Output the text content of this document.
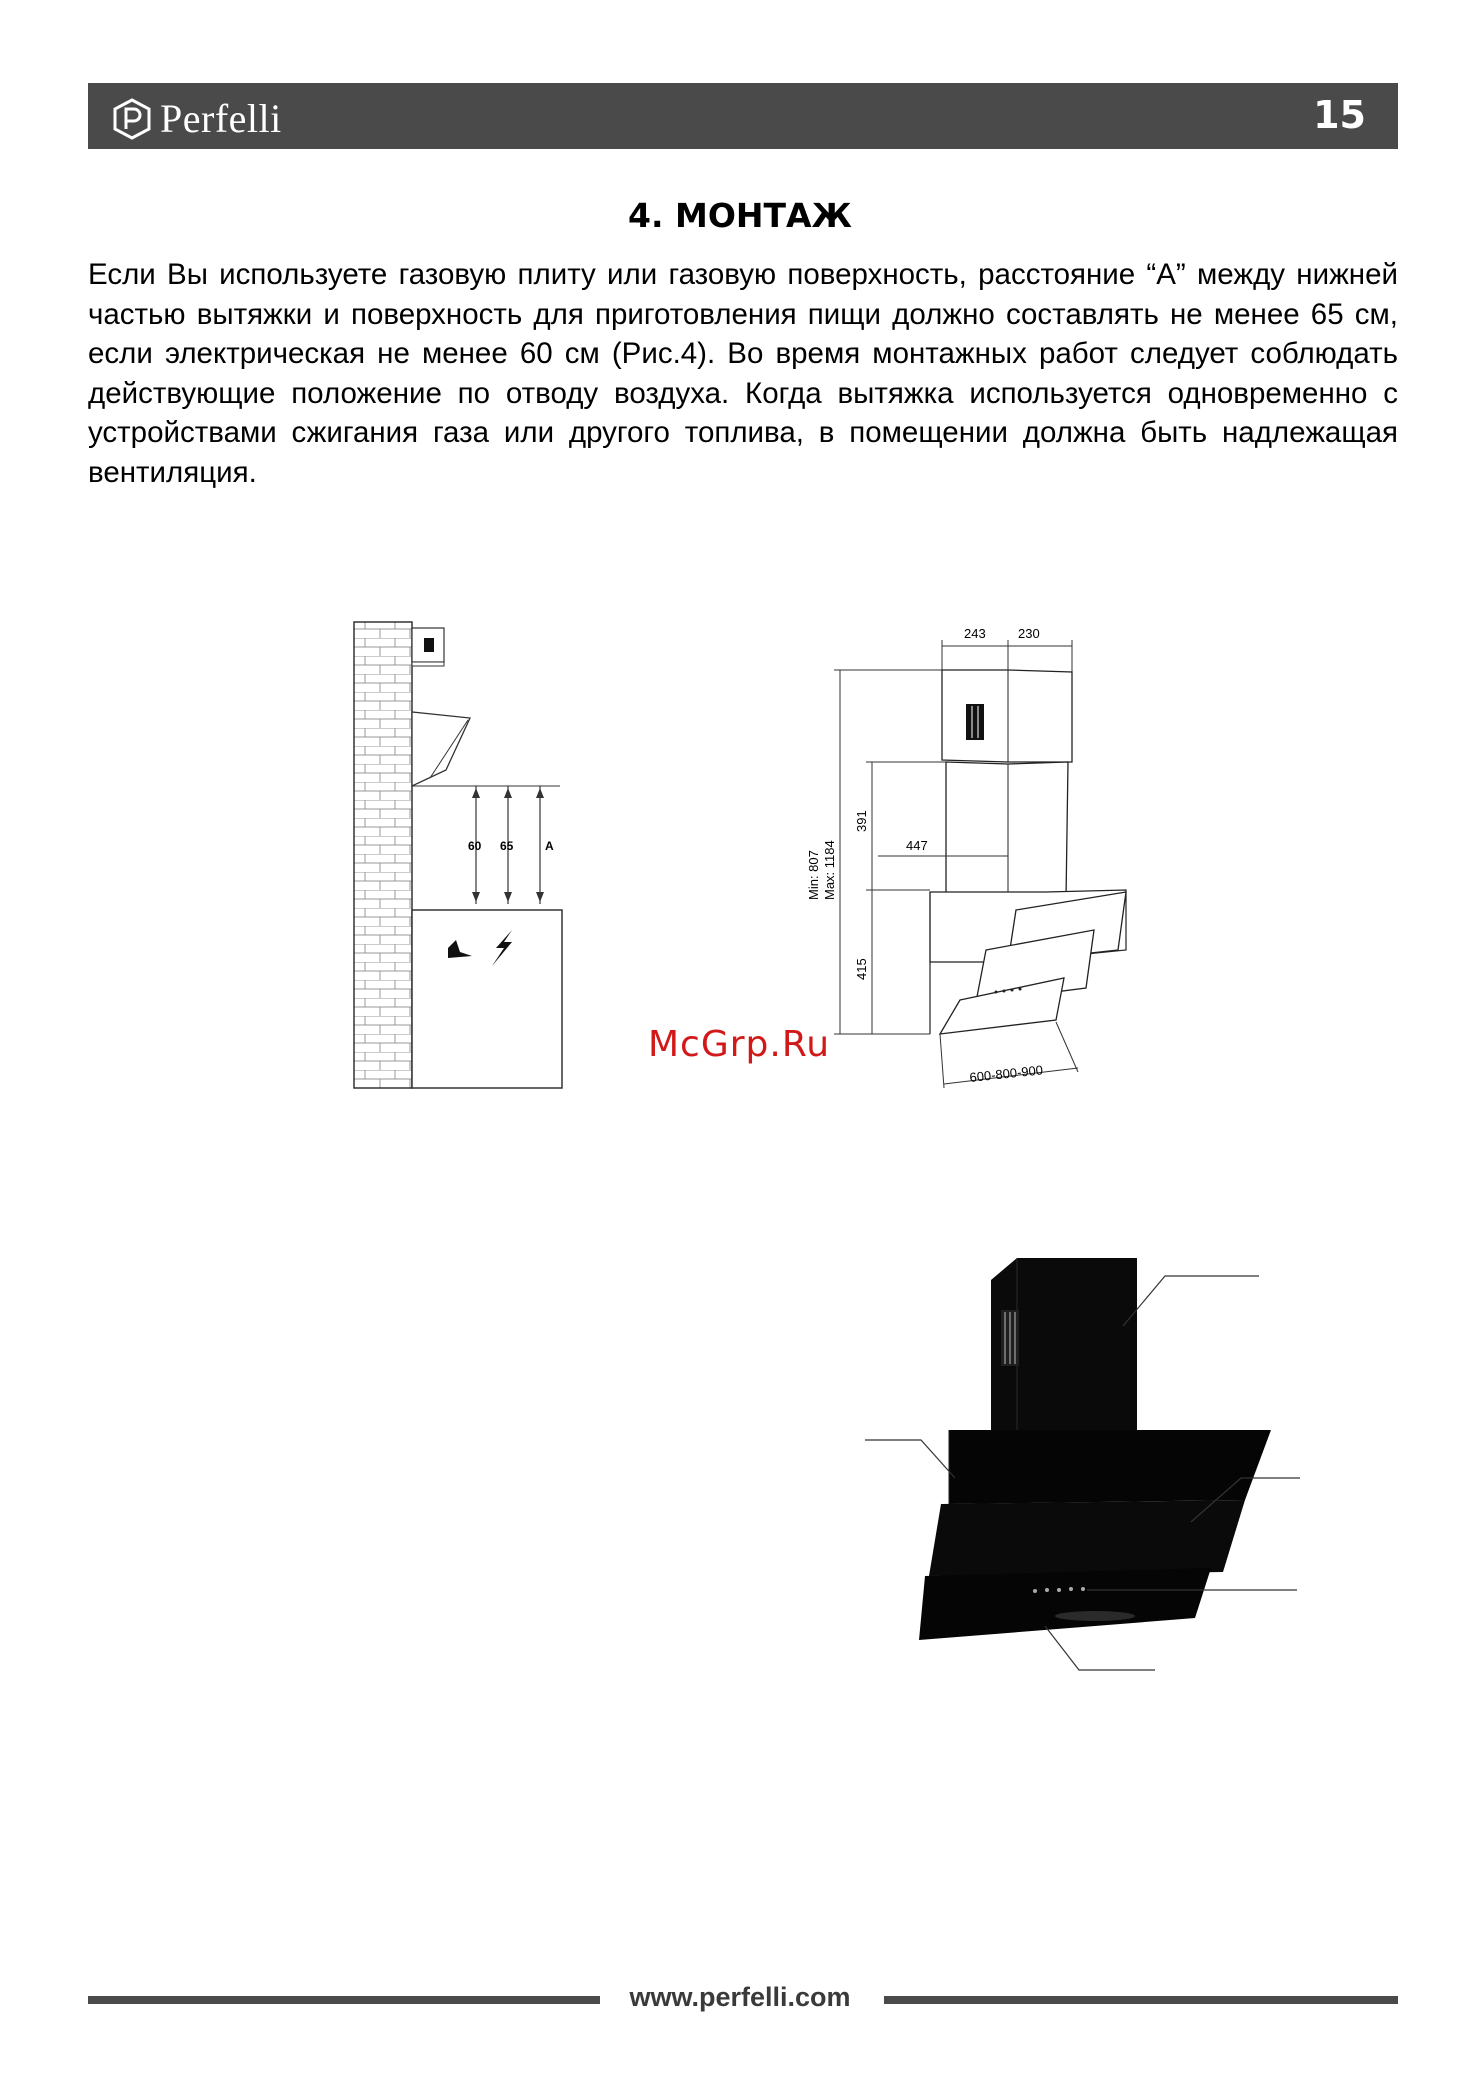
Perfelli	15
4. МОНТАЖ

Если Вы используете газовую плиту или газовую поверхность, расстояние “А” между нижней частью вытяжки и поверхность для приготовления пищи должно составлять не менее 65 см, если электрическая не менее 60 см (Рис.4). Во время монтажных работ следует соблюдать действующие положение по отводу воздуха. Когда вытяжка используется одновременно с устройствами сжигания газа или другого топлива, в помещении должна быть надлежащая вентиляция.

60 65	A
243 230
Min: 807 Max: 1184
391
415
447
600-800-900
McGrp.Ru
www.perfelli.com
